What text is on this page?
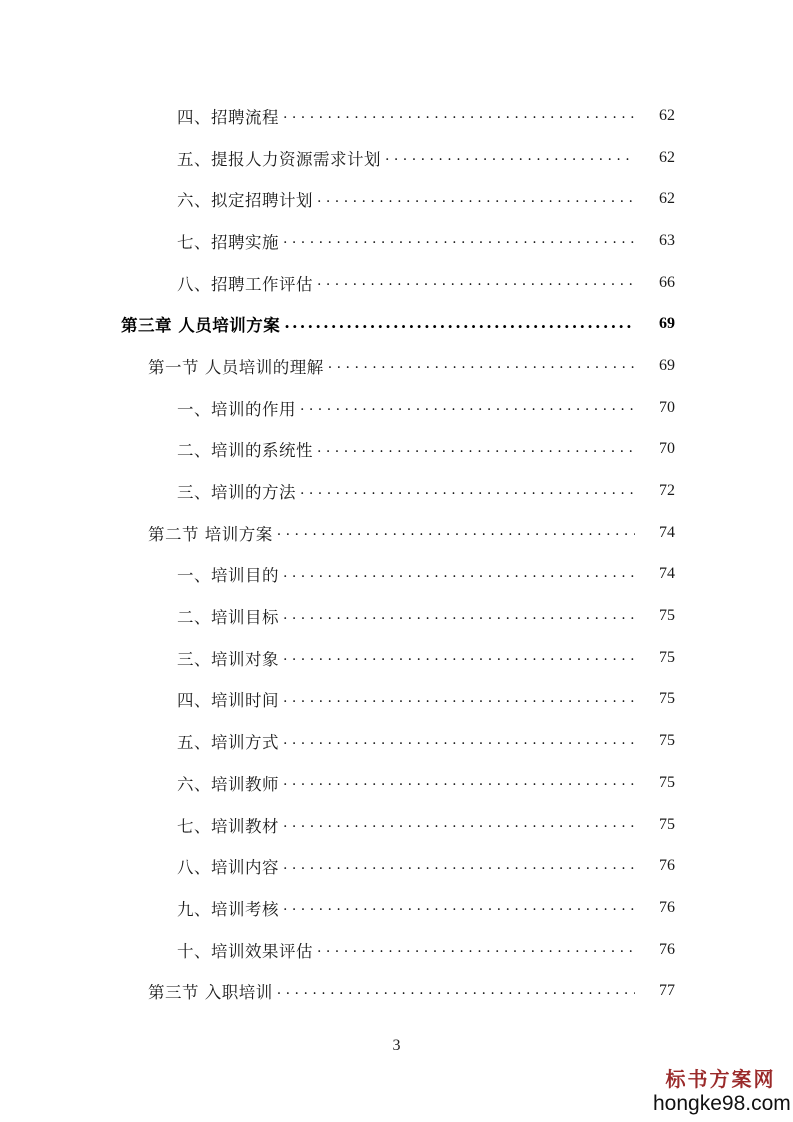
四、招聘流程 . . .	62
五、提报人力资源需求计划 . . .	62
六、拟定招聘计划 . . .	62
七、招聘实施 . . .	63
八、招聘工作评估 . . .	66
第三章 人员培训方案 .....	69
第一节 人员培训的理解 . . .	69
一、培训的作用 . . .	70
二、培训的系统性 . . .	70
三、培训的方法 . . .	72
第二节 培训方案 . . .	74
一、培训目的 . . .	74
二、培训目标 . . .	75
三、培训对象 . . .	75
四、培训时间 . . .	75
五、培训方式 . . .	75
六、培训教师 . . .	75
七、培训教材 . . .	75
八、培训内容 . . .	76
九、培训考核 . . .	76
十、培训效果评估 . . .	76
第三节 入职培训 . . .	77
3
标书方案网
hongke98.com
